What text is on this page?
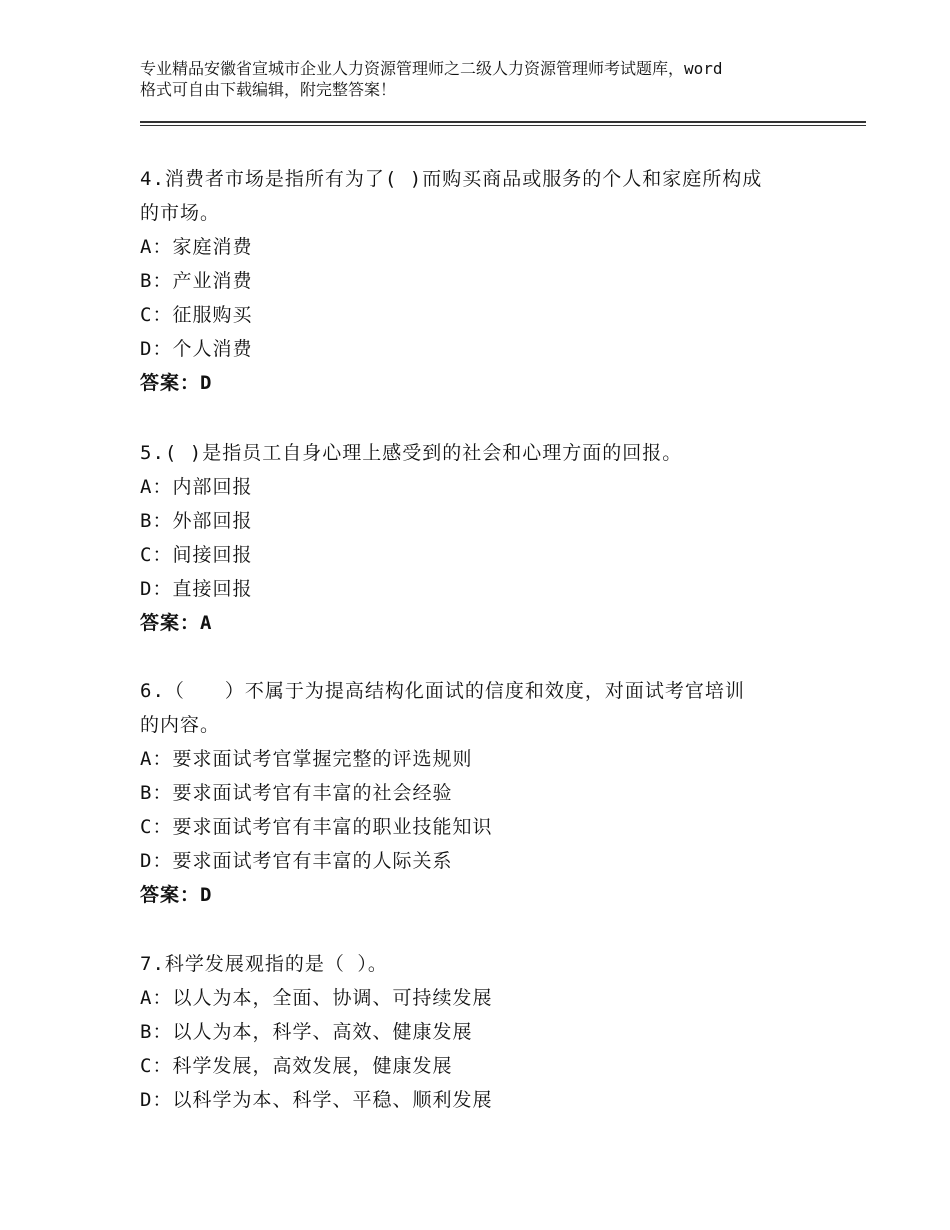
专业精品安徽省宣城市企业人力资源管理师之二级人力资源管理师考试题库，word
格式可自由下载编辑，附完整答案！
4.消费者市场是指所有为了( )而购买商品或服务的个人和家庭所构成
的市场。
A：家庭消费
B：产业消费
C：征服购买
D：个人消费
答案：D
5.( )是指员工自身心理上感受到的社会和心理方面的回报。
A：内部回报
B：外部回报
C：间接回报
D：直接回报
答案：A
6.（　　）不属于为提高结构化面试的信度和效度，对面试考官培训
的内容。
A：要求面试考官掌握完整的评选规则
B：要求面试考官有丰富的社会经验
C：要求面试考官有丰富的职业技能知识
D：要求面试考官有丰富的人际关系
答案：D
7.科学发展观指的是（ ）。
A：以人为本，全面、协调、可持续发展
B：以人为本，科学、高效、健康发展
C：科学发展，高效发展，健康发展
D：以科学为本、科学、平稳、顺利发展
